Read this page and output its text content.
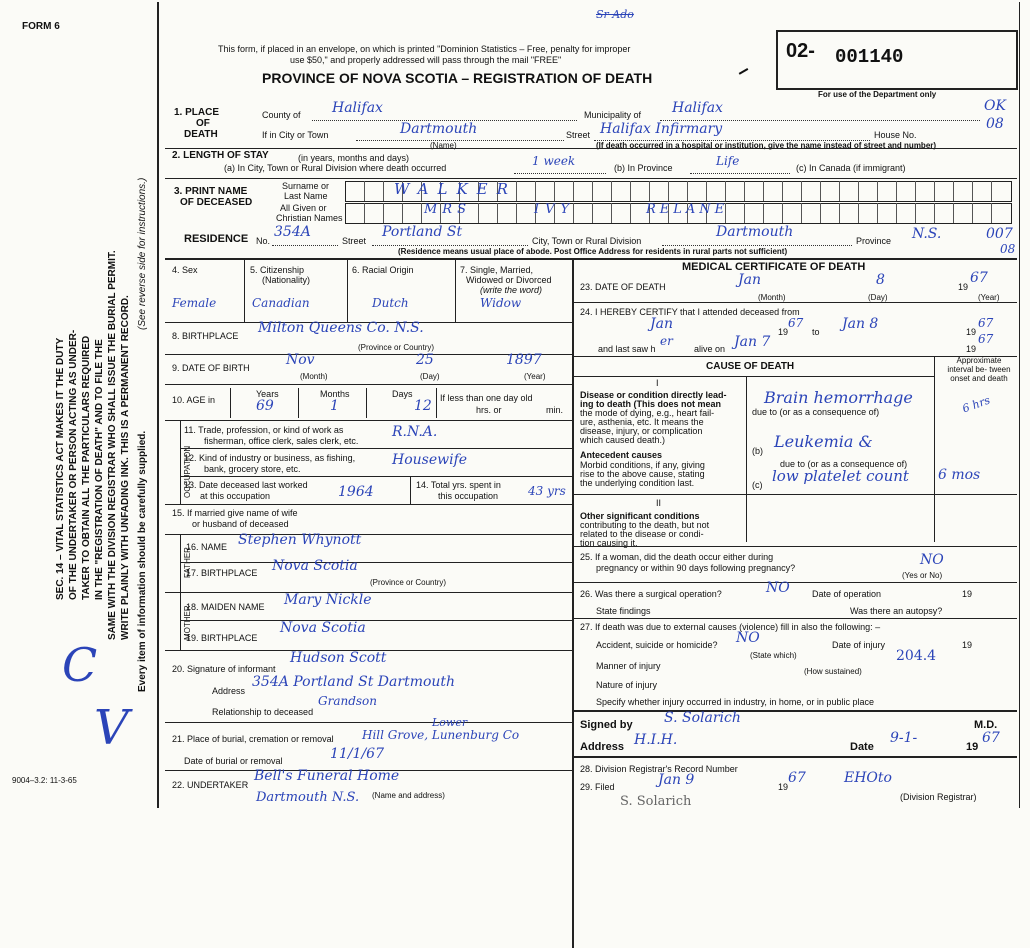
FORM 6
This form, if placed in an envelope, on which is printed "Dominion Statistics – Free, penalty for improper
use $50," and properly addressed will pass through the mail "FREE"
PROVINCE OF NOVA SCOTIA – REGISTRATION OF DEATH
02- 001140
For use of the Department only
Sr Ado
SEC. 14 – VITAL STATISTICS ACT MAKES IT THE DUTY OF THE UNDERTAKER OR PERSON ACTING AS UNDER- TAKER TO OBTAIN ALL THE PARTICULARS REQUIRED IN THE "REGISTRATION OF DEATH" AND TO FILE THE SAME WITH THE DIVISION REGISTRAR WHO SHALL ISSUE THE BURIAL PERMIT. WRITE PLAINLY WITH UNFADING INK. THIS IS A PERMANENT RECORD.
(See reverse side for instructions.)
Every item of information should be carefully supplied.
C
V
9004–3.2: 11-3-65
1. PLACE
OF
DEATH
County of Halifax	Municipality of Halifax	OK
If in City or Town	Dartmouth
(Name)
Street Halifax Infirmary	House No.
08
(If death occurred in a hospital or institution, give the name instead of street and number)
2. LENGTH OF STAY	(in years, months and days)
(a) In City, Town or Rural Division where death occurred	1 week	(b) In Province	Life	(c) In Canada (if immigrant)
3. PRINT NAME
OF DECEASED
Surname or
Last Name
All Given or
Christian Names
WALKER
MRS	IVY	RELANE
RESIDENCE No.
354A
Street
Portland St
City, Town or Rural Division
Dartmouth
Province N.S.	007
08
(Residence means usual place of abode. Post Office Address for residents in rural parts not sufficient)
4. Sex	5. Citizenship
(Nationality)
6. Racial Origin	7. Single, Married,
Widowed or Divorced
(write the word)
Female	Canadian	Dutch	Widow
8. BIRTHPLACE Milton Queens Co. N.S.
(Province or Country)
9. DATE OF BIRTH	Nov	25	1897
(Month)	(Day)	(Year)
10. AGE in
Years	Months	Days
69	1	12 If less than one day old
hrs. or	min.
OCCUPATION
11. Trade, profession, or kind of work as
fisherman, office clerk, sales clerk, etc.
R.N.A.
12. Kind of industry or business, as fishing,
bank, grocery store, etc.
Housewife
13. Date deceased last worked
at this occupation	1964	14. Total yrs. spent in
this occupation 43 yrs
15. If married give name of wife
or husband of deceased
FATHER
16. NAME Stephen Whynott
17. BIRTHPLACE Nova Scotia
(Province or Country)
MOTHER
18. MAIDEN NAME Mary Nickle
19. BIRTHPLACE
Nova Scotia
20. Signature of informant
Hudson Scott
Address
354A Portland St Dartmouth
Relationship to deceased
Grandson
21. Place of burial, cremation or removal
Lower
Hill Grove, Lunenburg Co
Date of burial or removal	11/1/67
22. UNDERTAKER
Bell's Funeral Home
(Name and address)
Dartmouth N.S.
MEDICAL CERTIFICATE OF DEATH
23. DATE OF DEATH	Jan	8	19
67
(Month)	(Day)	(Year)
24. I HEREBY CERTIFY that I attended deceased from
Jan	19
67
to Jan 8	19
67
and last saw h
er
alive on Jan 7	19
67
CAUSE OF DEATH
Approximate interval be- tween onset and death
I
Disease or condition directly lead-
ing to death (This does not mean
the mode of dying, e.g., heart fail-
ure, asthenia, etc. It means the
disease, injury, or complication
which caused death.)
due to (or as a consequence of)
Brain hemorrhage	6 hrs
Antecedent causes
Morbid conditions, if any, giving
rise to the above cause, stating
the underlying condition last.
(b) Leukemia &
due to (or as a consequence of)
(c) low platelet count 6 mos
II
Other significant conditions
contributing to the death, but not
related to the disease or condi-
tion causing it.
25. If a woman, did the death occur either during
pregnancy or within 90 days following pregnancy?	NO
(Yes or No)
26. Was there a surgical operation?	NO Date of operation	19
State findings	Was there an autopsy?
27. If death was due to external causes (violence) fill in also the following: –
Accident, suicide or homicide? NO
(State which)
Date of injury	19
Manner of injury
204.4
(How sustained)
Nature of injury
Specify whether injury occurred in industry, in home, or in public place
Signed by S. Solarich	M.D.
Address H.I.H.	Date
9-1-
19
67
28. Division Registrar's Record Number
29. Filed	Jan 9	19
67	EHOto
(Division Registrar)
S. Solarich
